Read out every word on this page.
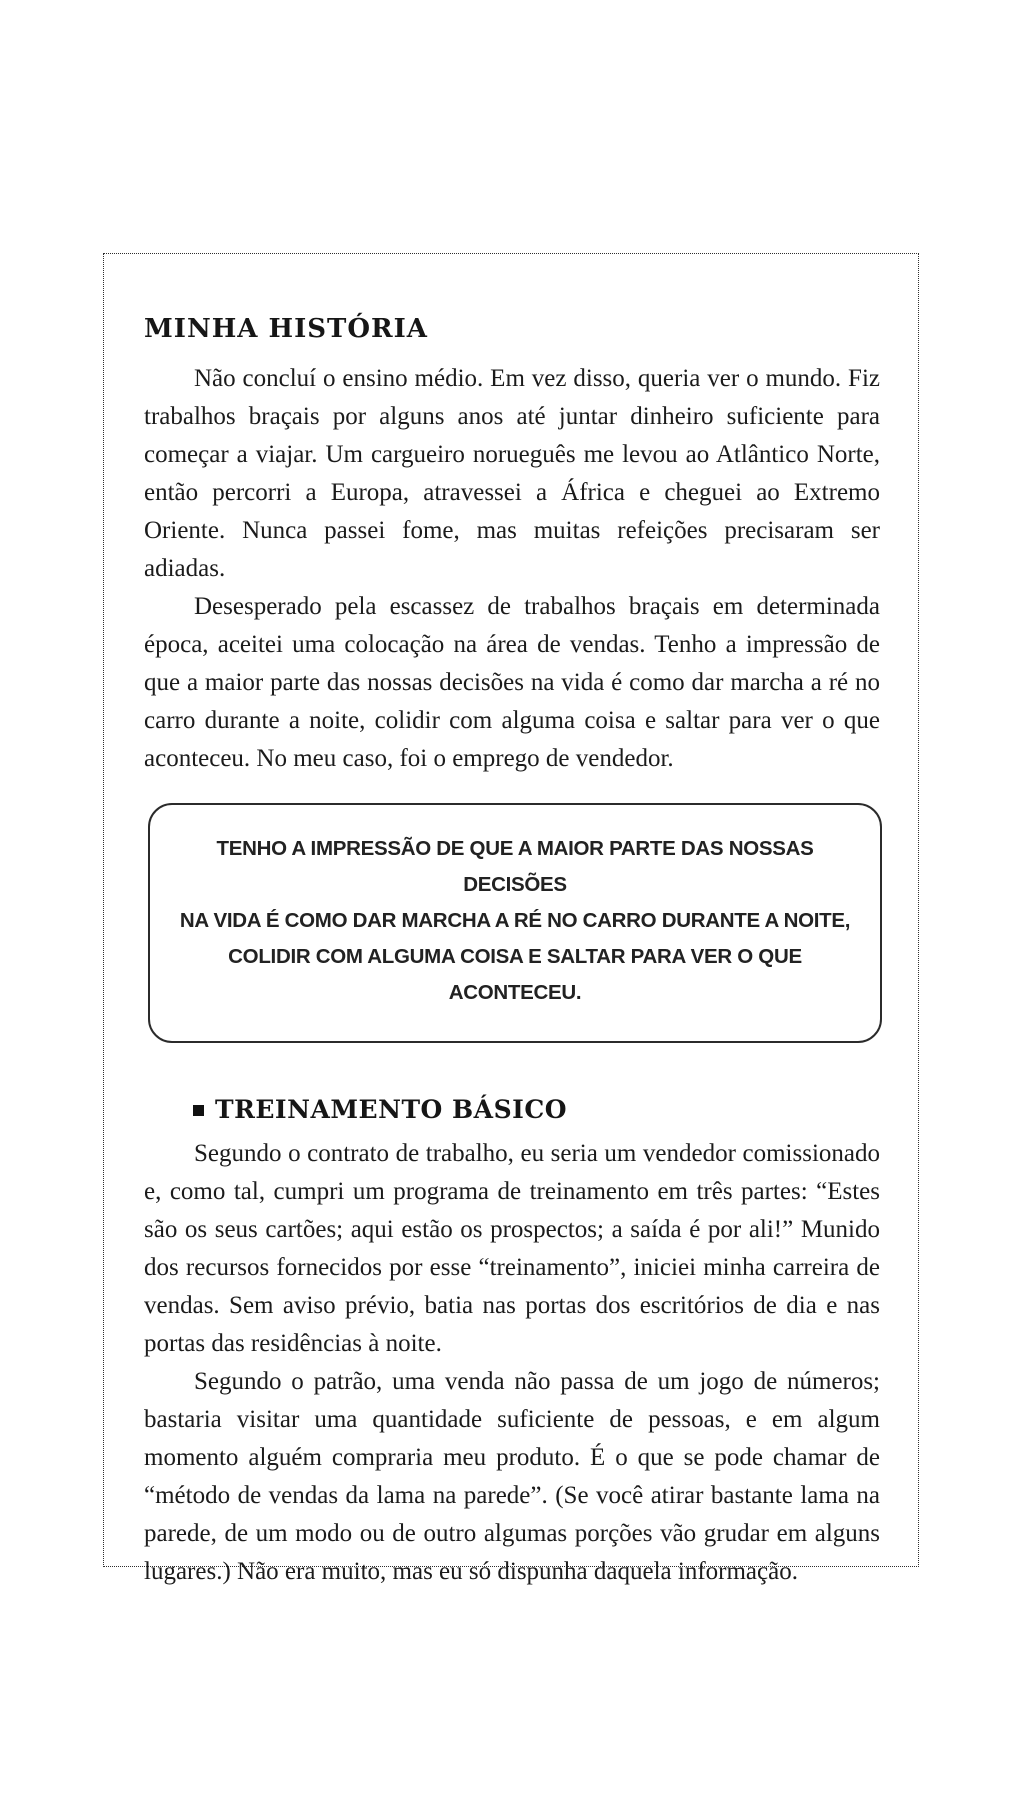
MINHA HISTÓRIA

Não concluí o ensino médio. Em vez disso, queria ver o mundo. Fiz trabalhos braçais por alguns anos até juntar dinheiro suficiente para começar a viajar. Um cargueiro norueguês me levou ao Atlântico Norte, então percorri a Europa, atravessei a África e cheguei ao Extremo Oriente. Nunca passei fome, mas muitas refeições precisaram ser adiadas.

Desesperado pela escassez de trabalhos braçais em determinada época, aceitei uma colocação na área de vendas. Tenho a impressão de que a maior parte das nossas decisões na vida é como dar marcha a ré no carro durante a noite, colidir com alguma coisa e saltar para ver o que aconteceu. No meu caso, foi o emprego de vendedor.

TENHO A IMPRESSÃO DE QUE A MAIOR PARTE DAS NOSSAS DECISÕES
NA VIDA É COMO DAR MARCHA A RÉ NO CARRO DURANTE A NOITE,
COLIDIR COM ALGUMA COISA E SALTAR PARA VER O QUE ACONTECEU.
TREINAMENTO BÁSICO

Segundo o contrato de trabalho, eu seria um vendedor comissionado e, como tal, cumpri um programa de treinamento em três partes: “Estes são os seus cartões; aqui estão os prospectos; a saída é por ali!” Munido dos recursos fornecidos por esse “treinamento”, iniciei minha carreira de vendas. Sem aviso prévio, batia nas portas dos escritórios de dia e nas portas das residências à noite.

Segundo o patrão, uma venda não passa de um jogo de números; bastaria visitar uma quantidade suficiente de pessoas, e em algum momento alguém compraria meu produto. É o que se pode chamar de “método de vendas da lama na parede”. (Se você atirar bastante lama na parede, de um modo ou de outro algumas porções vão grudar em alguns lugares.) Não era muito, mas eu só dispunha daquela informação.
